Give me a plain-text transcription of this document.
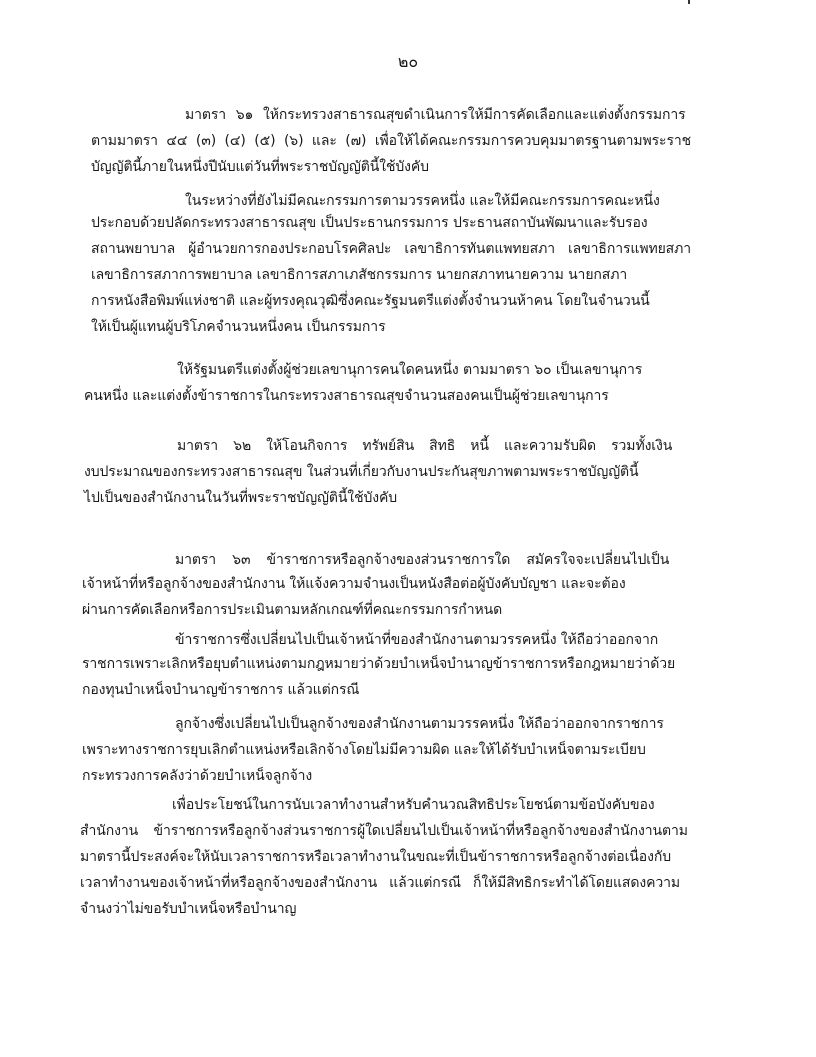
๒๐
มาตรา ๖๑ ให้กระทรวงสาธารณสุขดำเนินการให้มีการคัดเลือกและแต่งตั้งกรรมการ
ตามมาตรา ๔๔ (๓) (๔) (๕) (๖) และ (๗) เพื่อให้ได้คณะกรรมการควบคุมมาตรฐานตามพระราช
บัญญัตินี้ภายในหนึ่งปีนับแต่วันที่พระราชบัญญัตินี้ใช้บังคับ
ในระหว่างที่ยังไม่มีคณะกรรมการตามวรรคหนึ่ง และให้มีคณะกรรมการคณะหนึ่ง
ประกอบด้วยปลัดกระทรวงสาธารณสุข เป็นประธานกรรมการ ประธานสถาบันพัฒนาและรับรอง
สถานพยาบาล ผู้อำนวยการกองประกอบโรคศิลปะ เลขาธิการทันตแพทยสภา เลขาธิการแพทยสภา
เลขาธิการสภาการพยาบาล เลขาธิการสภาเภสัชกรรมการ นายกสภาทนายความ นายกสภา
การหนังสือพิมพ์แห่งชาติ และผู้ทรงคุณวุฒิซึ่งคณะรัฐมนตรีแต่งตั้งจำนวนห้าคน โดยในจำนวนนี้
ให้เป็นผู้แทนผู้บริโภคจำนวนหนึ่งคน เป็นกรรมการ
ให้รัฐมนตรีแต่งตั้งผู้ช่วยเลขานุการคนใดคนหนึ่ง ตามมาตรา ๖๐ เป็นเลขานุการ
คนหนึ่ง และแต่งตั้งข้าราชการในกระทรวงสาธารณสุขจำนวนสองคนเป็นผู้ช่วยเลขานุการ
มาตรา ๖๒ ให้โอนกิจการ ทรัพย์สิน สิทธิ หนี้ และความรับผิด รวมทั้งเงิน
งบประมาณของกระทรวงสาธารณสุข ในส่วนที่เกี่ยวกับงานประกันสุขภาพตามพระราชบัญญัตินี้
ไปเป็นของสำนักงานในวันที่พระราชบัญญัตินี้ใช้บังคับ
มาตรา ๖๓ ข้าราชการหรือลูกจ้างของส่วนราชการใด สมัครใจจะเปลี่ยนไปเป็น
เจ้าหน้าที่หรือลูกจ้างของสำนักงาน ให้แจ้งความจำนงเป็นหนังสือต่อผู้บังคับบัญชา และจะต้อง
ผ่านการคัดเลือกหรือการประเมินตามหลักเกณฑ์ที่คณะกรรมการกำหนด
ข้าราชการซึ่งเปลี่ยนไปเป็นเจ้าหน้าที่ของสำนักงานตามวรรคหนึ่ง ให้ถือว่าออกจาก
ราชการเพราะเลิกหรือยุบตำแหน่งตามกฎหมายว่าด้วยบำเหน็จบำนาญข้าราชการหรือกฎหมายว่าด้วย
กองทุนบำเหน็จบำนาญข้าราชการ แล้วแต่กรณี
ลูกจ้างซึ่งเปลี่ยนไปเป็นลูกจ้างของสำนักงานตามวรรคหนึ่ง ให้ถือว่าออกจากราชการ
เพราะทางราชการยุบเลิกตำแหน่งหรือเลิกจ้างโดยไม่มีความผิด และให้ได้รับบำเหน็จตามระเบียบ
กระทรวงการคลังว่าด้วยบำเหน็จลูกจ้าง
เพื่อประโยชน์ในการนับเวลาทำงานสำหรับคำนวณสิทธิประโยชน์ตามข้อบังคับของ
สำนักงาน ข้าราชการหรือลูกจ้างส่วนราชการผู้ใดเปลี่ยนไปเป็นเจ้าหน้าที่หรือลูกจ้างของสำนักงานตาม
มาตรานี้ประสงค์จะให้นับเวลาราชการหรือเวลาทำงานในขณะที่เป็นข้าราชการหรือลูกจ้างต่อเนื่องกับ
เวลาทำงานของเจ้าหน้าที่หรือลูกจ้างของสำนักงาน แล้วแต่กรณี ก็ให้มีสิทธิกระทำได้โดยแสดงความ
จำนงว่าไม่ขอรับบำเหน็จหรือบำนาญ
